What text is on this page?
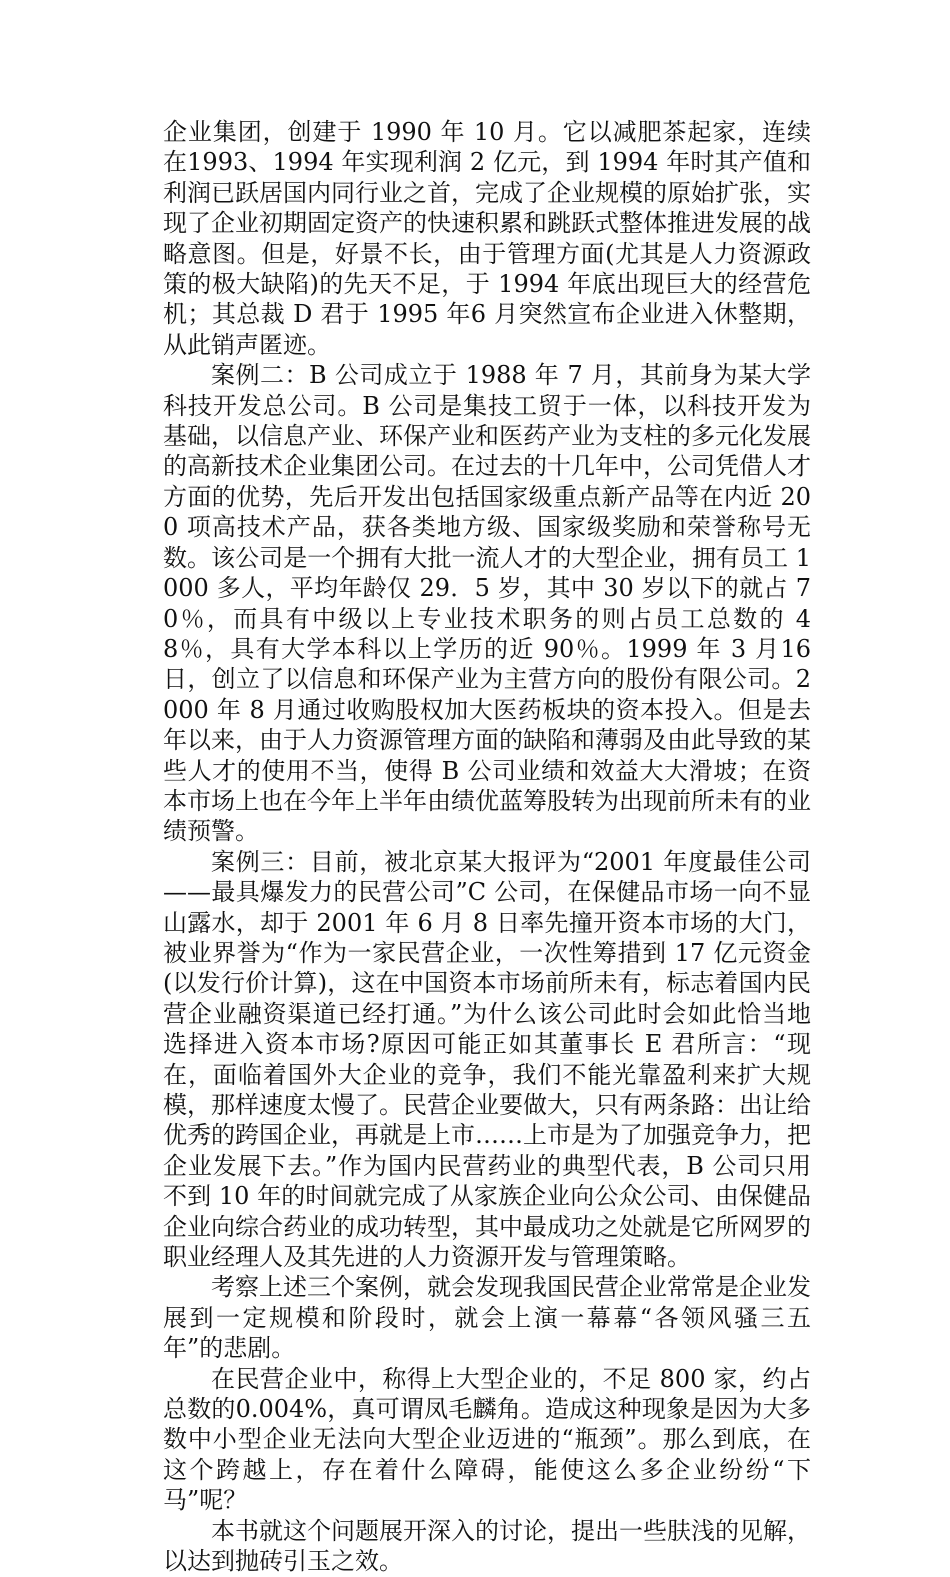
企业集团，创建于 1990 年 10 月。它以减肥茶起家，连续在1993、1994 年实现利润 2 亿元，到 1994 年时其产值和利润已跃居国内同行业之首，完成了企业规模的原始扩张，实现了企业初期固定资产的快速积累和跳跃式整体推进发展的战略意图。但是，好景不长，由于管理方面(尤其是人力资源政策的极大缺陷)的先天不足，于 1994 年底出现巨大的经营危机；其总裁 D 君于 1995 年6 月突然宣布企业进入休整期，从此销声匿迹。

案例二：B 公司成立于 1988 年 7 月，其前身为某大学科技开发总公司。B 公司是集技工贸于一体，以科技开发为基础，以信息产业、环保产业和医药产业为支柱的多元化发展的高新技术企业集团公司。在过去的十几年中，公司凭借人才方面的优势，先后开发出包括国家级重点新产品等在内近 200 项高技术产品，获各类地方级、国家级奖励和荣誉称号无数。该公司是一个拥有大批一流人才的大型企业，拥有员工 1000 多人，平均年龄仅 29．5 岁，其中 30 岁以下的就占 70％，而具有中级以上专业技术职务的则占员工总数的 48％，具有大学本科以上学历的近 90％。1999 年 3 月16 日，创立了以信息和环保产业为主营方向的股份有限公司。2000 年 8 月通过收购股权加大医药板块的资本投入。但是去年以来，由于人力资源管理方面的缺陷和薄弱及由此导致的某些人才的使用不当，使得 B 公司业绩和效益大大滑坡；在资本市场上也在今年上半年由绩优蓝筹股转为出现前所未有的业绩预警。

案例三：目前，被北京某大报评为“2001 年度最佳公司——最具爆发力的民营公司”C 公司，在保健品市场一向不显山露水，却于 2001 年 6 月 8 日率先撞开资本市场的大门，被业界誉为“作为一家民营企业，一次性筹措到 17 亿元资金(以发行价计算)，这在中国资本市场前所未有，标志着国内民营企业融资渠道已经打通。”为什么该公司此时会如此恰当地选择进入资本市场?原因可能正如其董事长 E 君所言：“现在，面临着国外大企业的竞争，我们不能光靠盈利来扩大规模，那样速度太慢了。民营企业要做大，只有两条路：出让给优秀的跨国企业，再就是上市……上市是为了加强竞争力，把企业发展下去。”作为国内民营药业的典型代表，B 公司只用不到 10 年的时间就完成了从家族企业向公众公司、由保健品企业向综合药业的成功转型，其中最成功之处就是它所网罗的职业经理人及其先进的人力资源开发与管理策略。

考察上述三个案例，就会发现我国民营企业常常是企业发展到一定规模和阶段时，就会上演一幕幕“各领风骚三五年”的悲剧。

在民营企业中，称得上大型企业的，不足 800 家，约占总数的0.004%，真可谓凤毛麟角。造成这种现象是因为大多数中小型企业无法向大型企业迈进的“瓶颈”。那么到底，在这个跨越上，存在着什么障碍，能使这么多企业纷纷“下马”呢？

本书就这个问题展开深入的讨论，提出一些肤浅的见解，以达到抛砖引玉之效。
